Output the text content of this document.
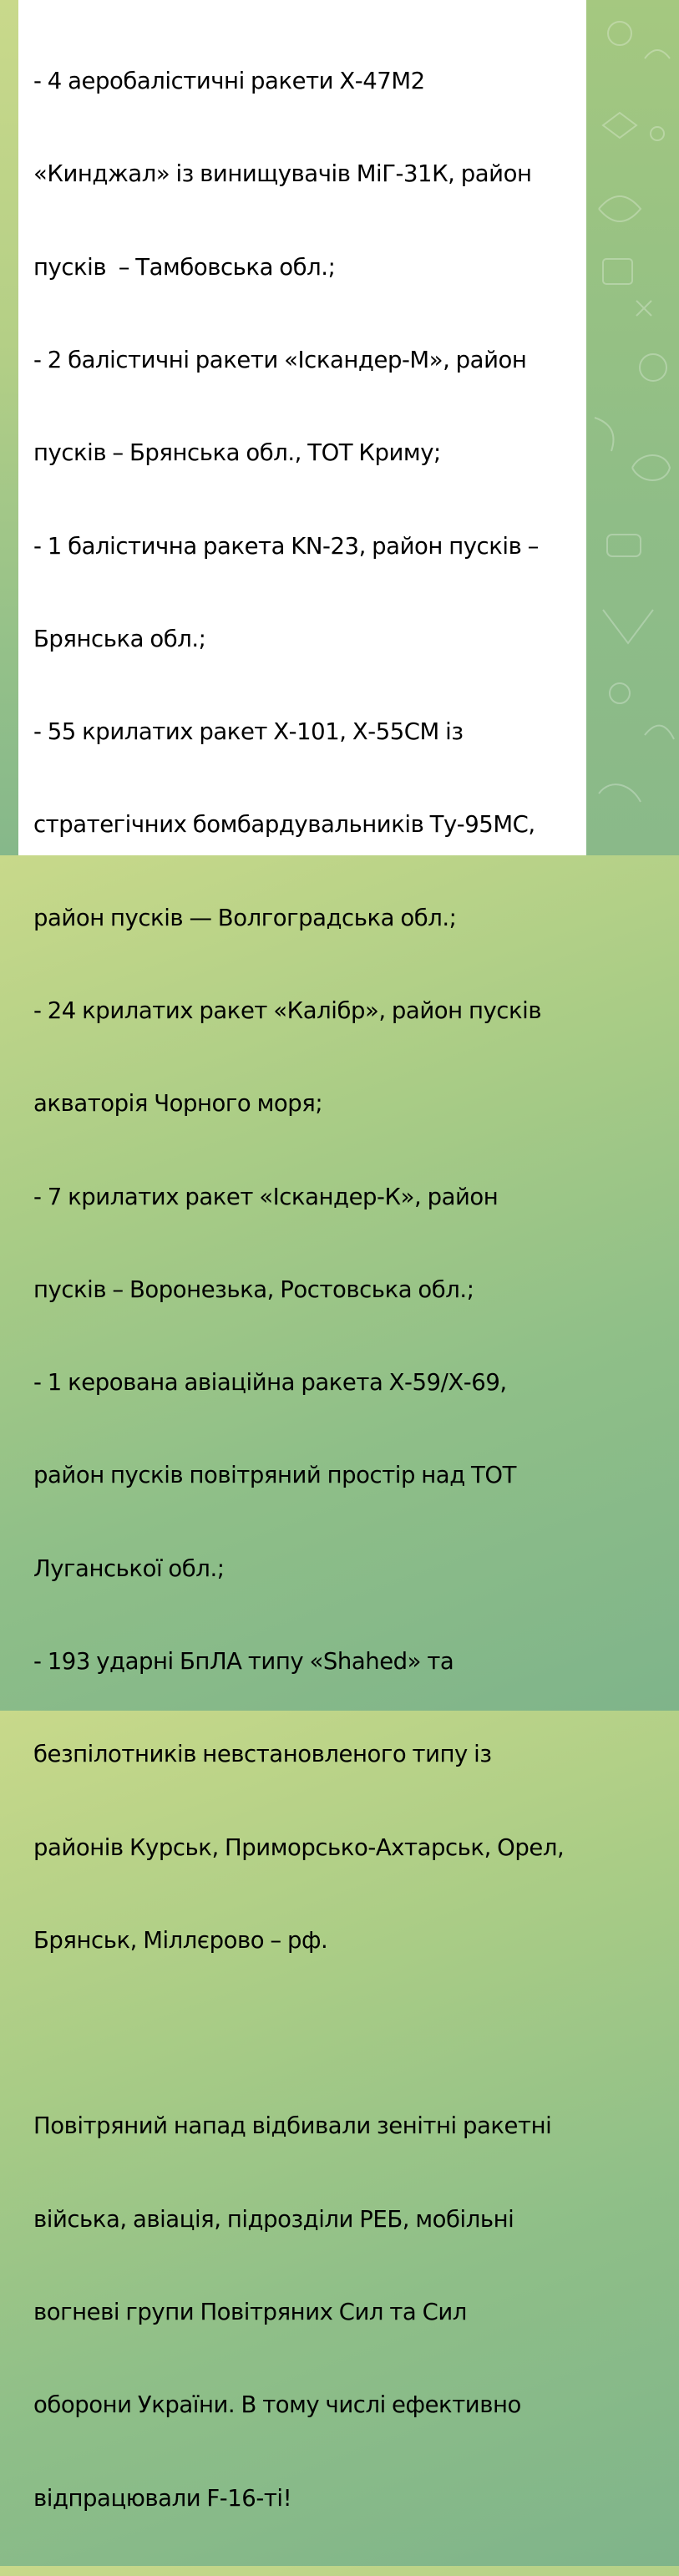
- 4 аеробалістичні ракети Х-47М2

«Кинджал» із винищувачів МіГ-31К, район

пусків  – Тамбовська обл.;

- 2 балістичні ракети «Іскандер-М», район

пусків – Брянська обл., ТОТ Криму;

- 1 балістична ракета KN-23, район пусків –

Брянська обл.;

- 55 крилатих ракет Х-101, Х-55СМ із

стратегічних бомбардувальників Ту-95МС,

район пусків — Волгоградська обл.;

- 24 крилатих ракет «Калібр», район пусків

акваторія Чорного моря;

- 7 крилатих ракет «Іскандер-К», район

пусків – Воронезька, Ростовська обл.;

- 1 керована авіаційна ракета Х-59/Х-69,

район пусків повітряний простір над ТОТ

Луганської обл.;

- 193 ударні БпЛА типу «Shahed» та

безпілотників невстановленого типу із

районів Курськ, Приморсько-Ахтарськ, Орел,

Брянськ, Міллєрово – рф.

Повітряний напад відбивали зенітні ракетні

війська, авіація, підрозділи РЕБ, мобільні

вогневі групи Повітряних Сил та Сил

оборони України. В тому числі ефективно

відпрацювали F-16-ті!
